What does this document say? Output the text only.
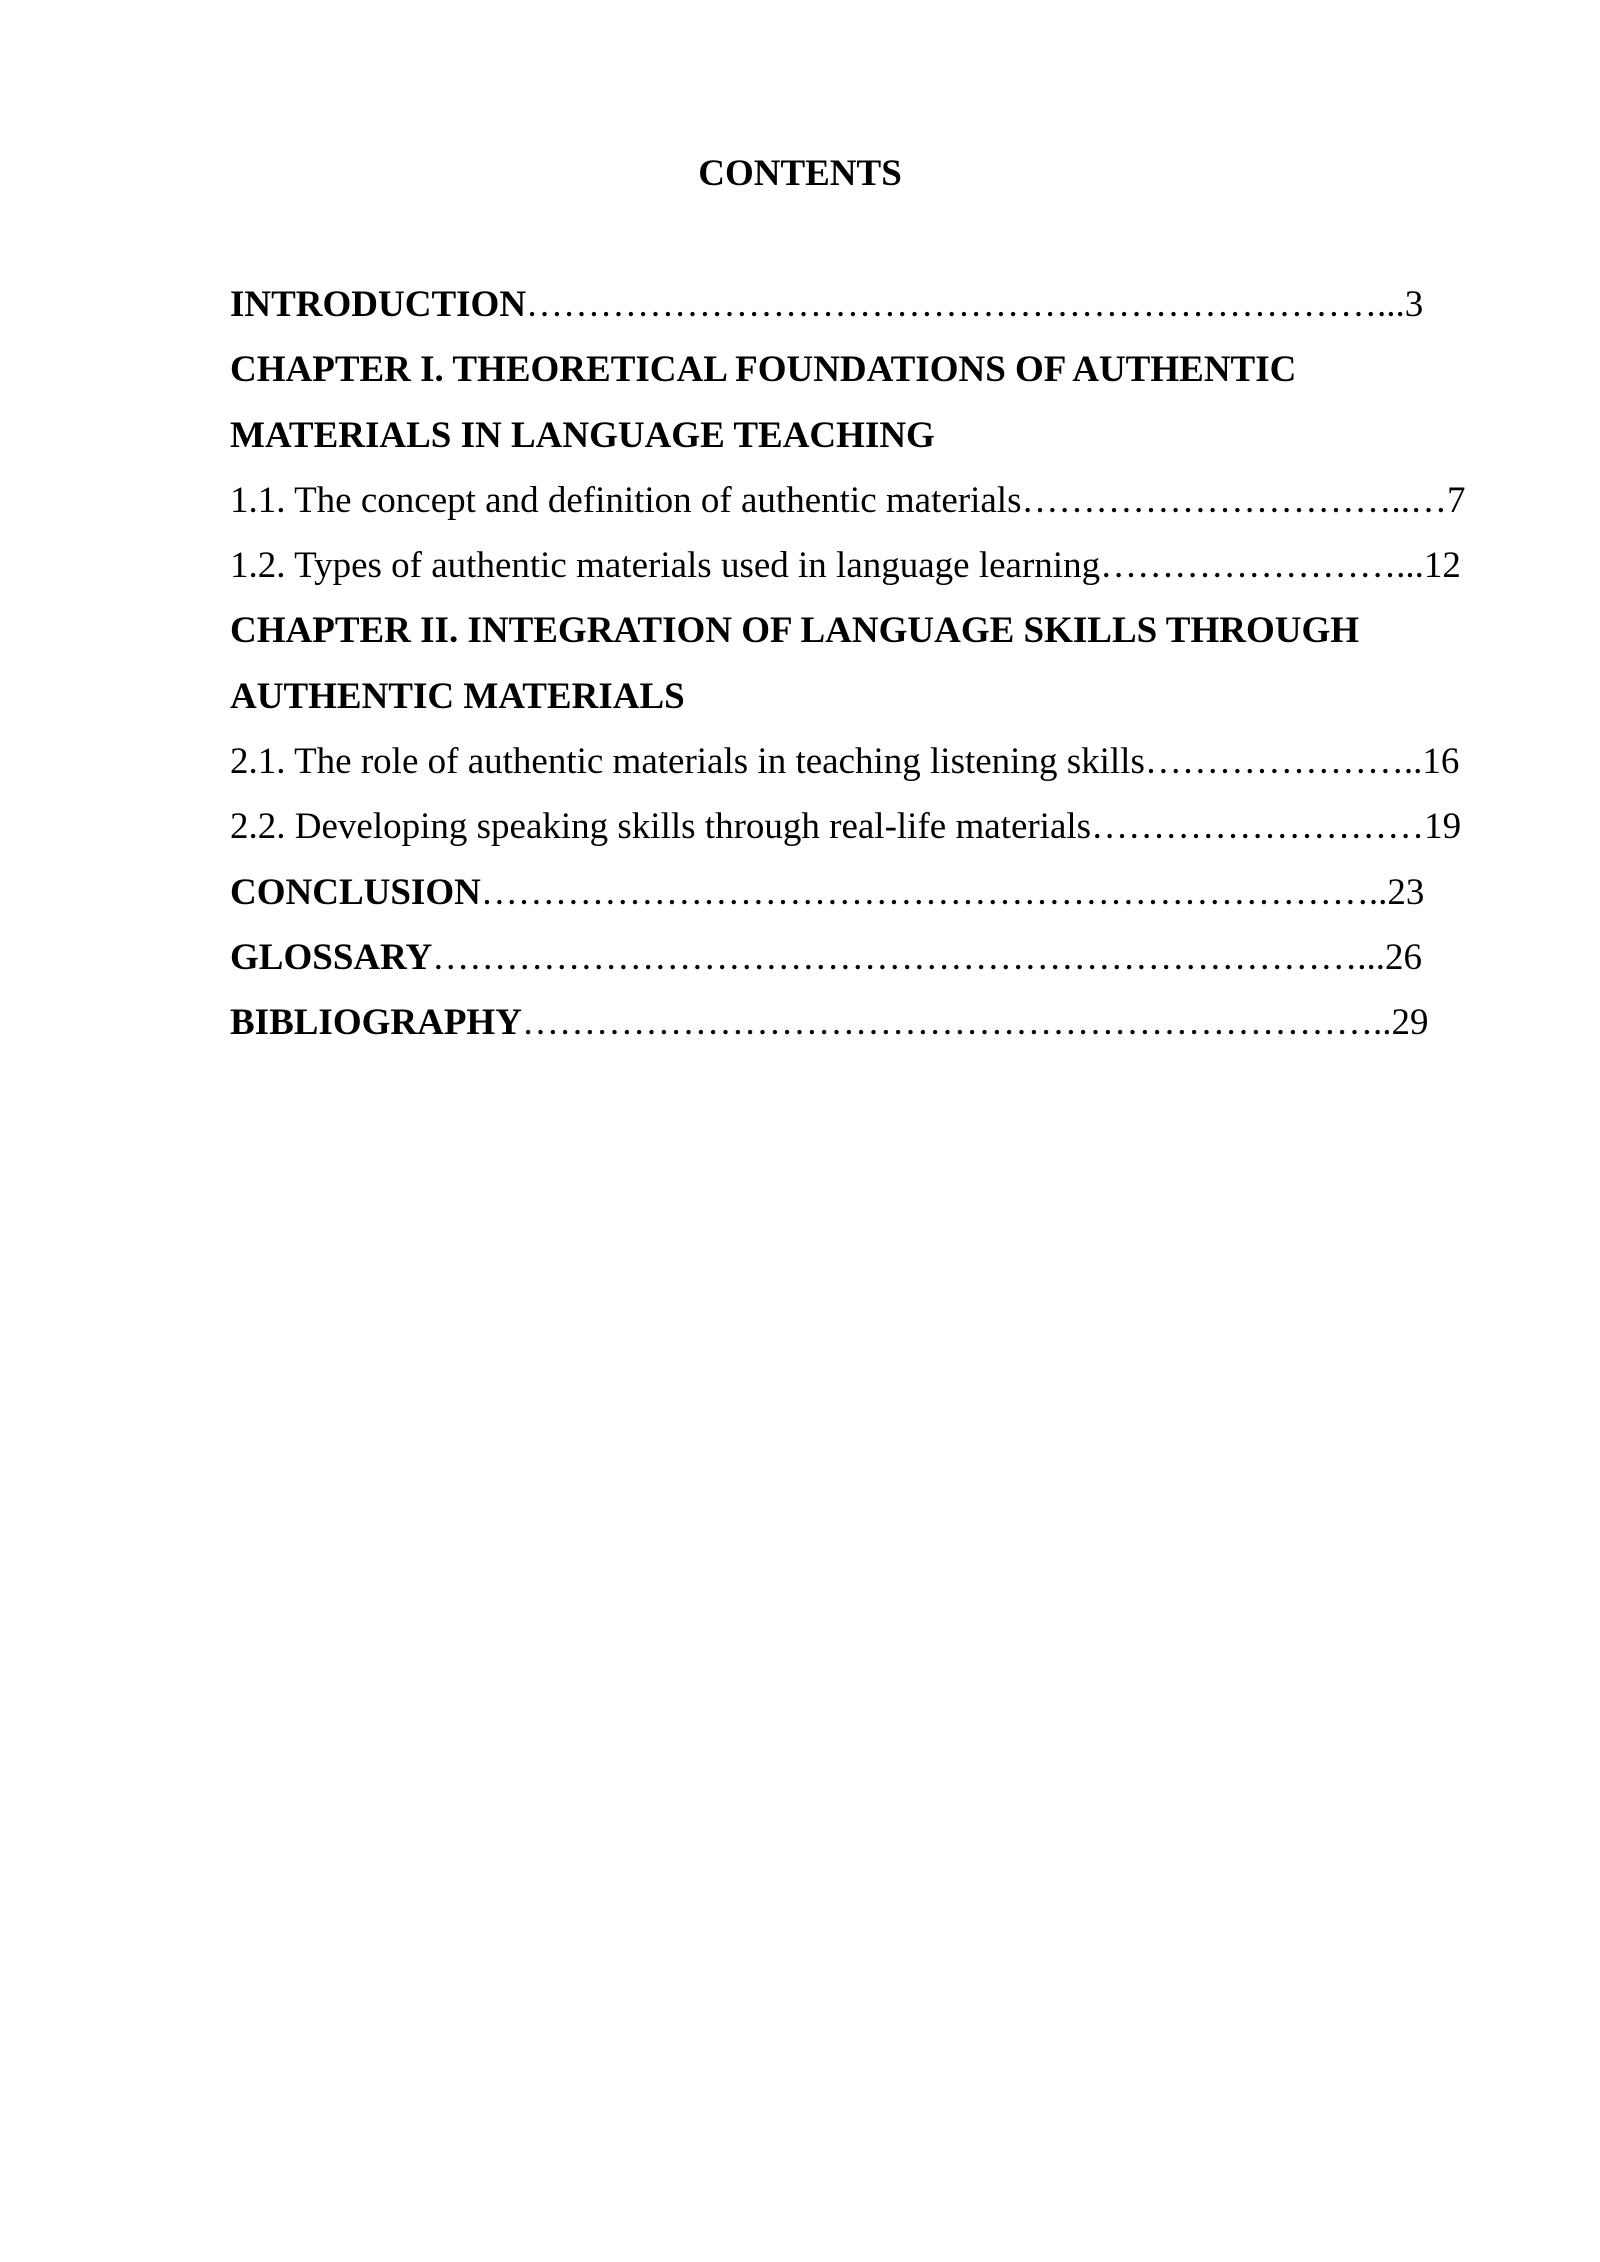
CONTENTS
INTRODUCTION……………………………………………………………...3
CHAPTER I. THEORETICAL FOUNDATIONS OF AUTHENTIC
MATERIALS IN LANGUAGE TEACHING
1.1. The concept and definition of authentic materials…………………………..…7
1.2. Types of authentic materials used in language learning……………………...12
CHAPTER II. INTEGRATION OF LANGUAGE SKILLS THROUGH
AUTHENTIC MATERIALS
2.1. The role of authentic materials in teaching listening skills…………………..16
2.2. Developing speaking skills through real-life materials………………………19
CONCLUSION………………………………………………………………..23
GLOSSARY…………………………………………………………………...26
BIBLIOGRAPHY……………………………………………………………..29
